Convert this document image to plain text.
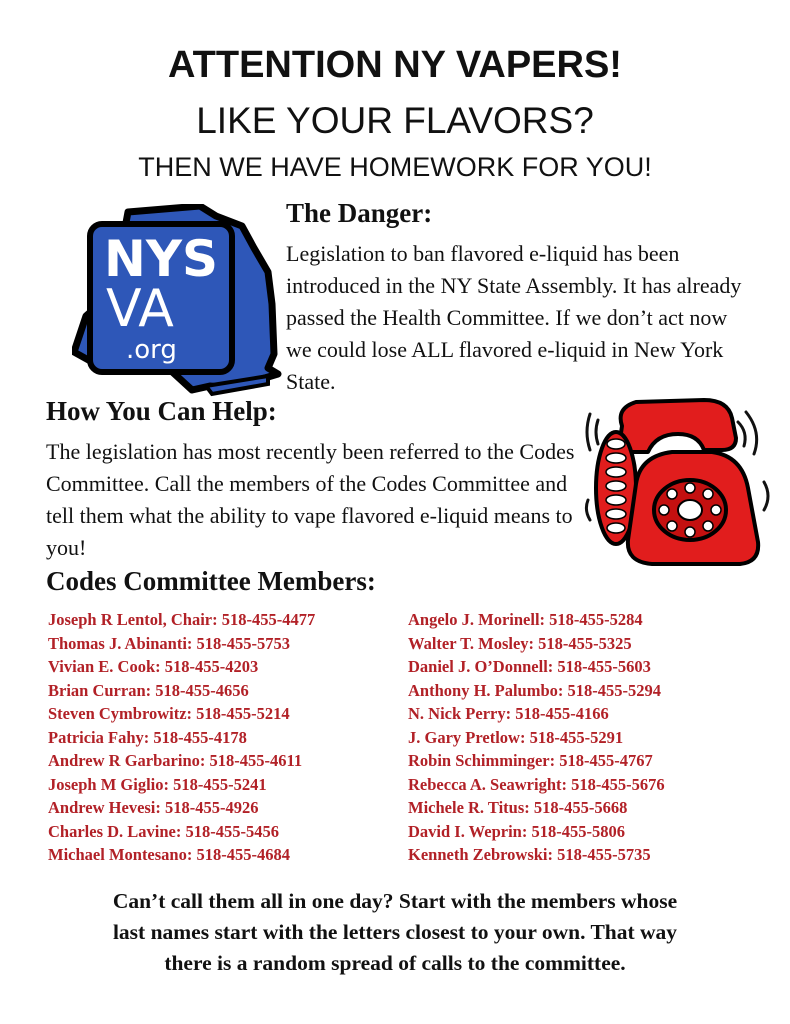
ATTENTION NY VAPERS!
LIKE YOUR FLAVORS?
THEN WE HAVE HOMEWORK FOR YOU!
NYS
VA
.org
The Danger:
Legislation to ban flavored e-liquid has been introduced in the NY State Assembly. It has already passed the Health Committee. If we don’t act now we could lose ALL flavored e-liquid in New York State.
How You Can Help:
The legislation has most recently been referred to the Codes Committee. Call the members of the Codes Committee and tell them what the ability to vape flavored e-liquid means to you!
Codes Committee Members:
Joseph R Lentol, Chair: 518-455-4477
Thomas J. Abinanti: 518-455-5753
Vivian E. Cook: 518-455-4203
Brian Curran: 518-455-4656
Steven Cymbrowitz: 518-455-5214
Patricia Fahy: 518-455-4178
Andrew R Garbarino: 518-455-4611
Joseph M Giglio: 518-455-5241
Andrew Hevesi: 518-455-4926
Charles D. Lavine: 518-455-5456
Michael Montesano: 518-455-4684
Angelo J. Morinell: 518-455-5284
Walter T. Mosley: 518-455-5325
Daniel J. O’Donnell: 518-455-5603
Anthony H. Palumbo: 518-455-5294
N. Nick Perry: 518-455-4166
J. Gary Pretlow: 518-455-5291
Robin Schimminger: 518-455-4767
Rebecca A. Seawright: 518-455-5676
Michele R. Titus: 518-455-5668
David I. Weprin: 518-455-5806
Kenneth Zebrowski: 518-455-5735
Can’t call them all in one day? Start with the members whose
last names start with the letters closest to your own. That way
there is a random spread of calls to the committee.
